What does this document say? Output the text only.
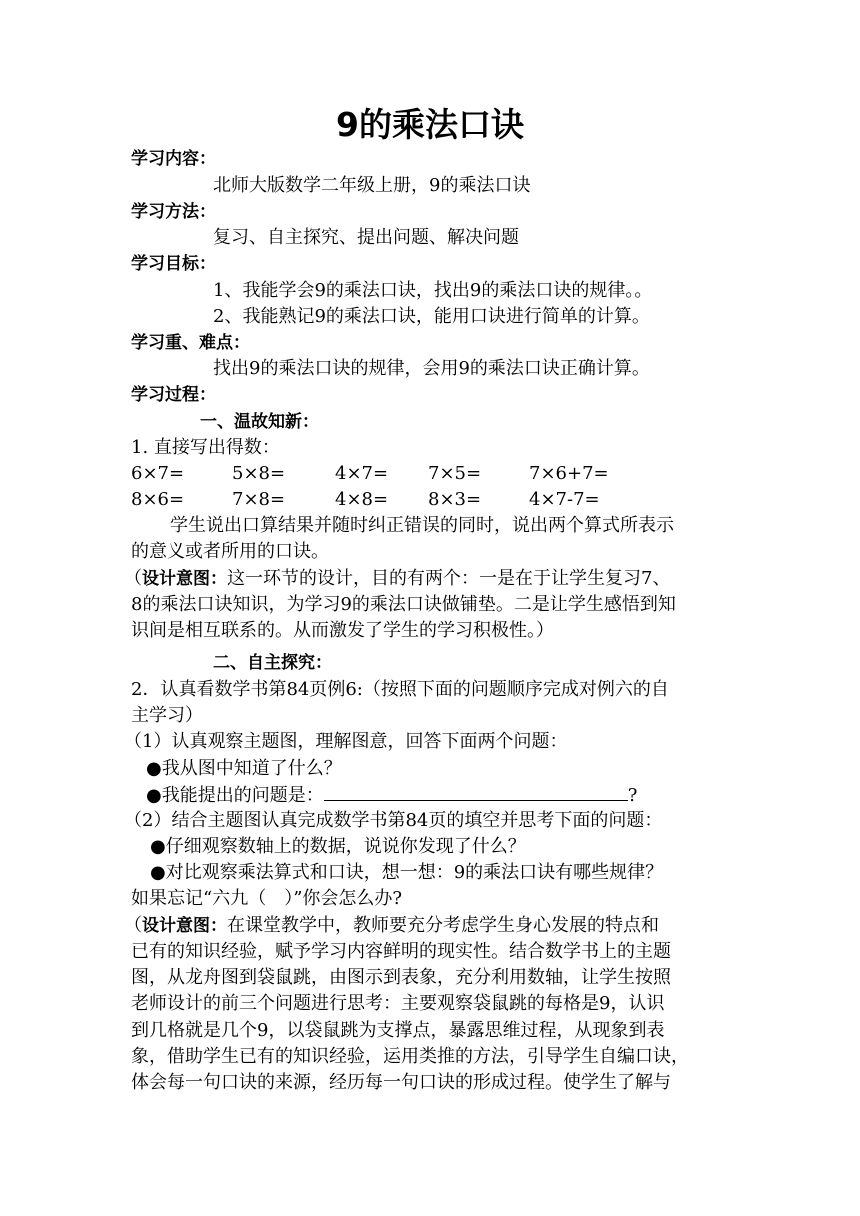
9的乘法口诀
学习内容：
北师大版数学二年级上册，9的乘法口诀
学习方法：
复习、自主探究、提出问题、解决问题
学习目标：
1、我能学会9的乘法口诀，找出9的乘法口诀的规律。。
2、我能熟记9的乘法口诀，能用口诀进行简单的计算。
学习重、难点：
找出9的乘法口诀的规律，会用9的乘法口诀正确计算。
学习过程：
一、温故知新：
1. 直接写出得数：
6×7=	5×8=	4×7= 7×5=	7×6+7=
8×6=	7×8=	4×8= 8×3=	4×7-7=
学生说出口算结果并随时纠正错误的同时，说出两个算式所表示
的意义或者所用的口诀。
（设计意图：这一环节的设计，目的有两个：一是在于让学生复习7、
8的乘法口诀知识，为学习9的乘法口诀做铺垫。二是让学生感悟到知
识间是相互联系的。从而激发了学生的学习积极性。）
二、自主探究：
2．认真看数学书第84页例6:（按照下面的问题顺序完成对例六的自
主学习）
（1）认真观察主题图，理解图意，回答下面两个问题：
●我从图中知道了什么？
●我能提出的问题是：	?
（2）结合主题图认真完成数学书第84页的填空并思考下面的问题：
●仔细观察数轴上的数据，说说你发现了什么？
●对比观察乘法算式和口诀，想一想：9的乘法口诀有哪些规律？
如果忘记“六九（　）”你会怎么办?
（设计意图：在课堂教学中，教师要充分考虑学生身心发展的特点和
已有的知识经验，赋予学习内容鲜明的现实性。结合数学书上的主题
图，从龙舟图到袋鼠跳，由图示到表象，充分利用数轴，让学生按照
老师设计的前三个问题进行思考：主要观察袋鼠跳的每格是9，认识
到几格就是几个9，以袋鼠跳为支撑点，暴露思维过程，从现象到表
象，借助学生已有的知识经验，运用类推的方法，引导学生自编口诀，
体会每一句口诀的来源，经历每一句口诀的形成过程。使学生了解与
